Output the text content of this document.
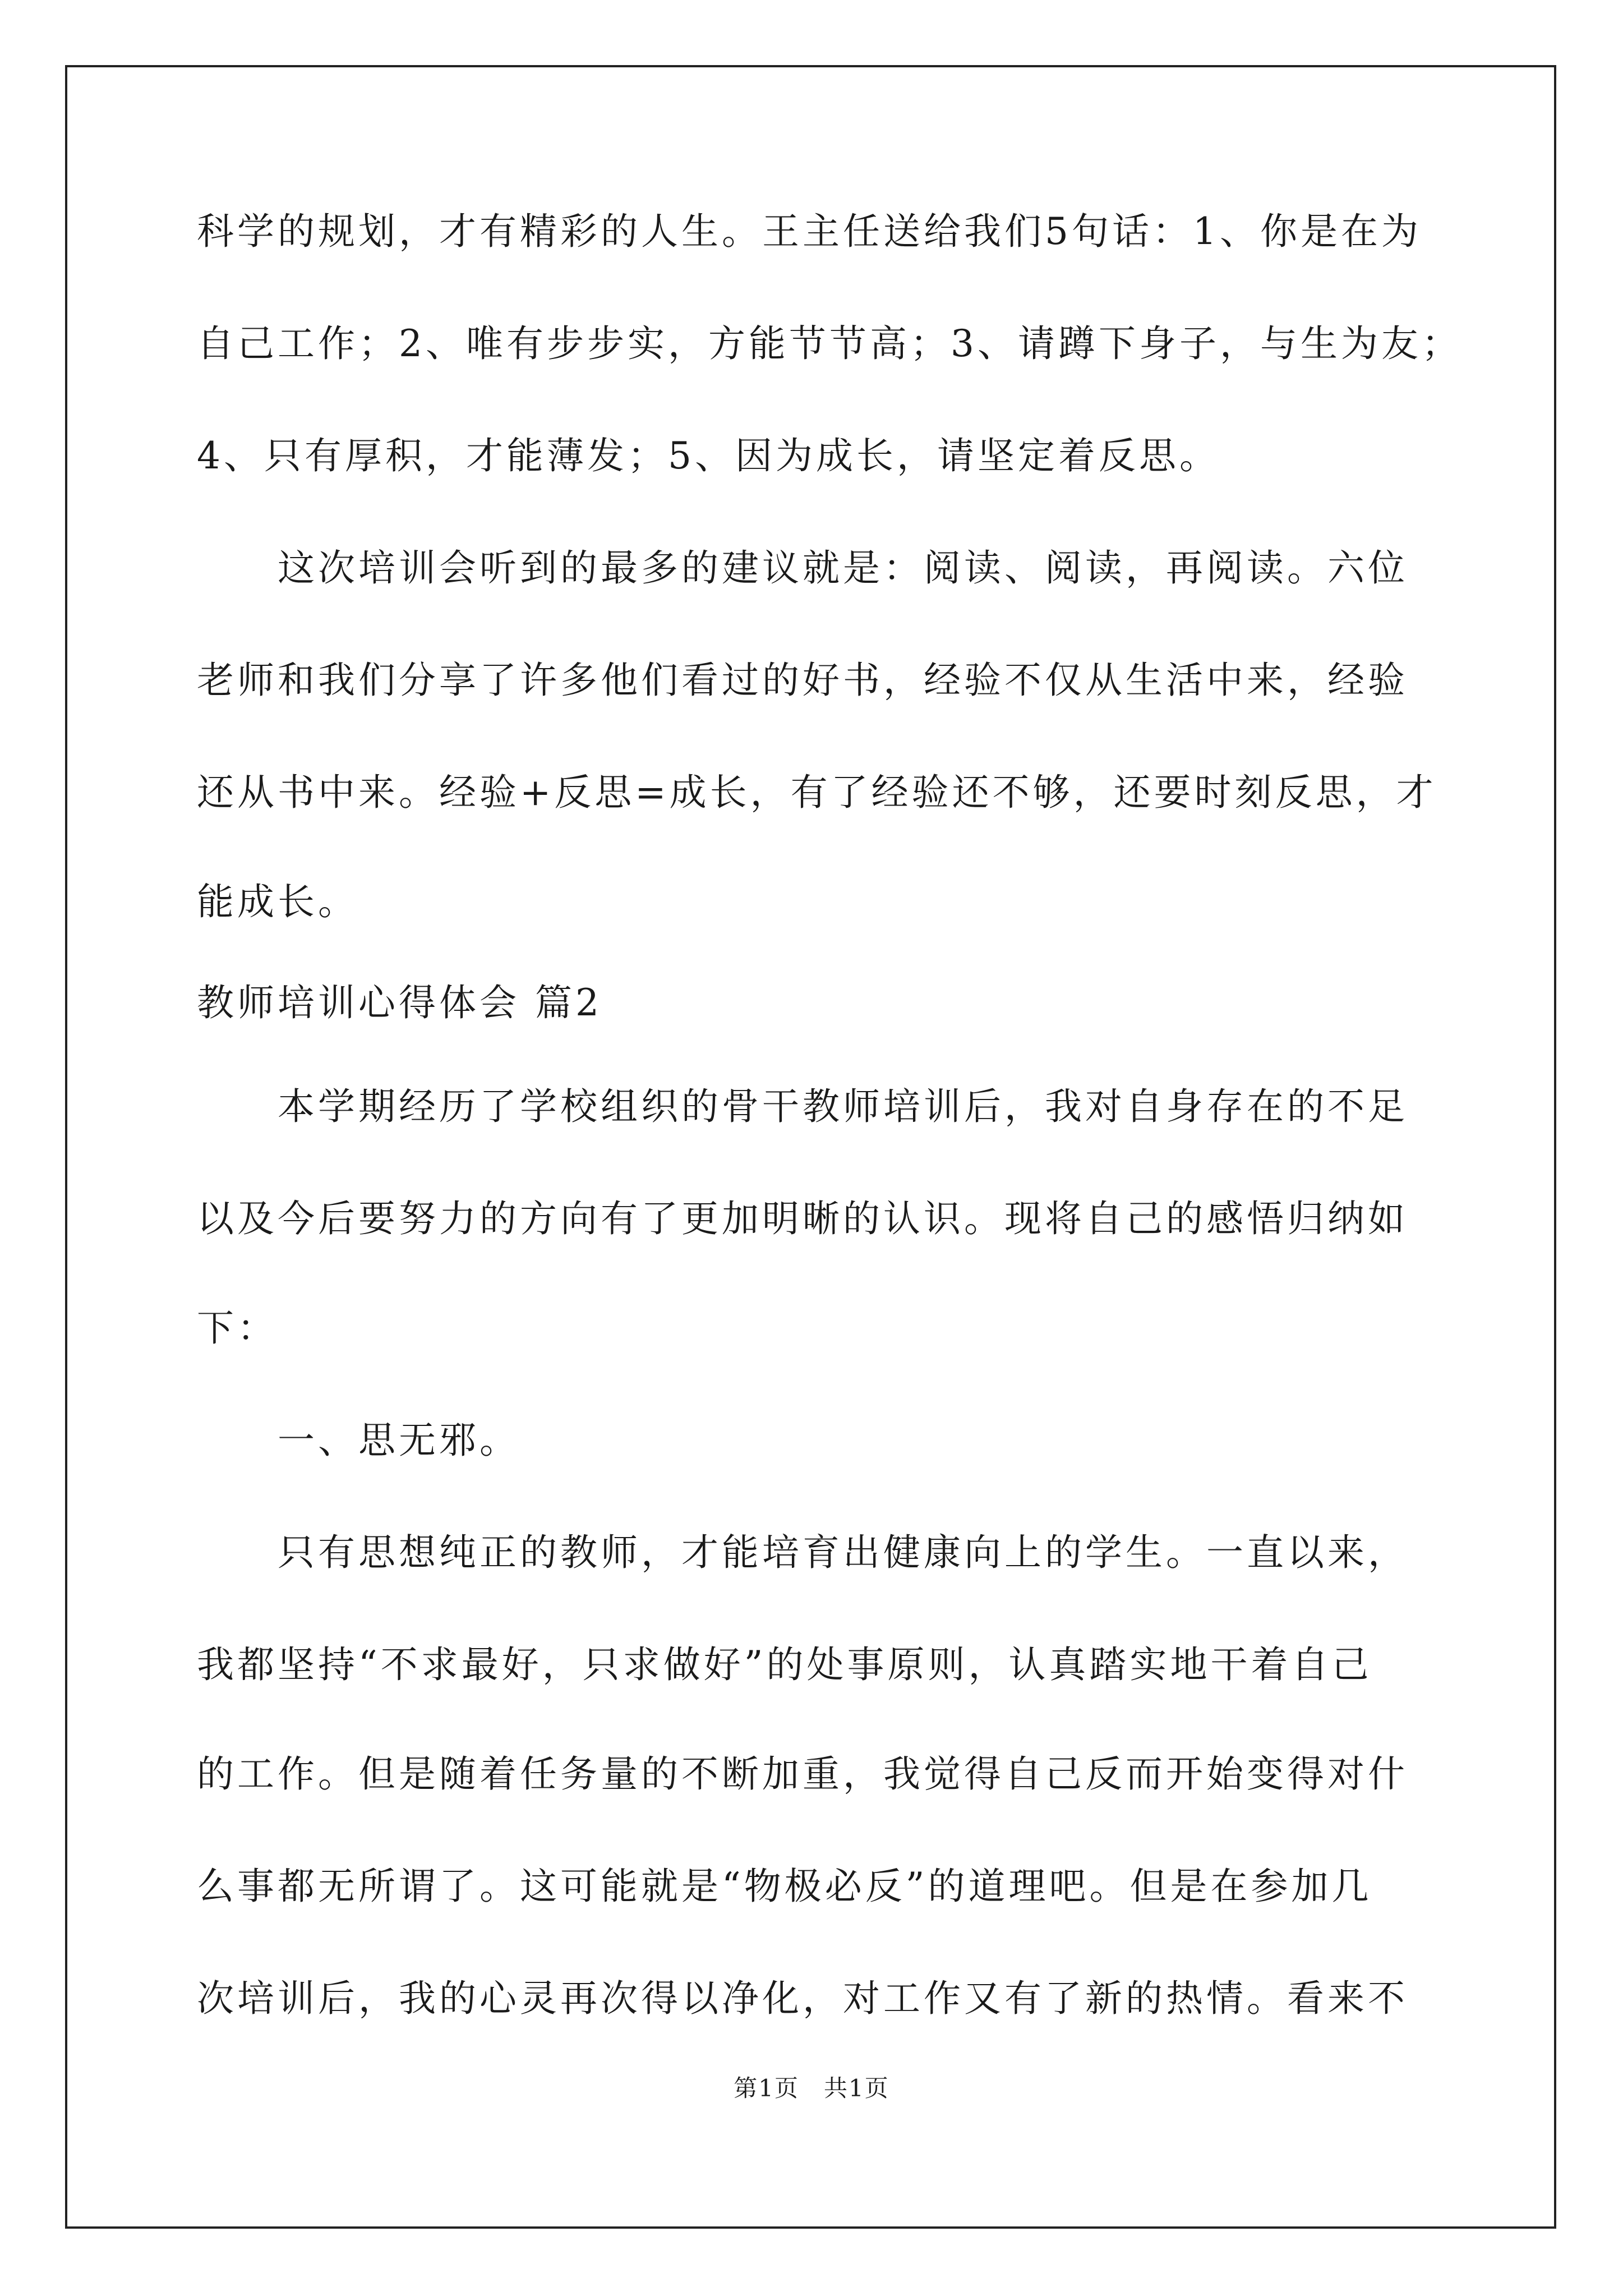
科学的规划，才有精彩的人生。王主任送给我们5句话：1、你是在为
自己工作；2、唯有步步实，方能节节高；3、请蹲下身子，与生为友；
4、只有厚积，才能薄发；5、因为成长，请坚定着反思。
　　这次培训会听到的最多的建议就是：阅读、阅读，再阅读。六位
老师和我们分享了许多他们看过的好书，经验不仅从生活中来，经验
还从书中来。经验+反思=成长，有了经验还不够，还要时刻反思，才
能成长。
教师培训心得体会 篇2
　　本学期经历了学校组织的骨干教师培训后，我对自身存在的不足
以及今后要努力的方向有了更加明晰的认识。现将自己的感悟归纳如
下：
　　一、思无邪。
　　只有思想纯正的教师，才能培育出健康向上的学生。一直以来，
我都坚持“不求最好，只求做好”的处事原则，认真踏实地干着自己
的工作。但是随着任务量的不断加重，我觉得自己反而开始变得对什
么事都无所谓了。这可能就是“物极必反”的道理吧。但是在参加几
次培训后，我的心灵再次得以净化，对工作又有了新的热情。看来不
第1页　共1页
